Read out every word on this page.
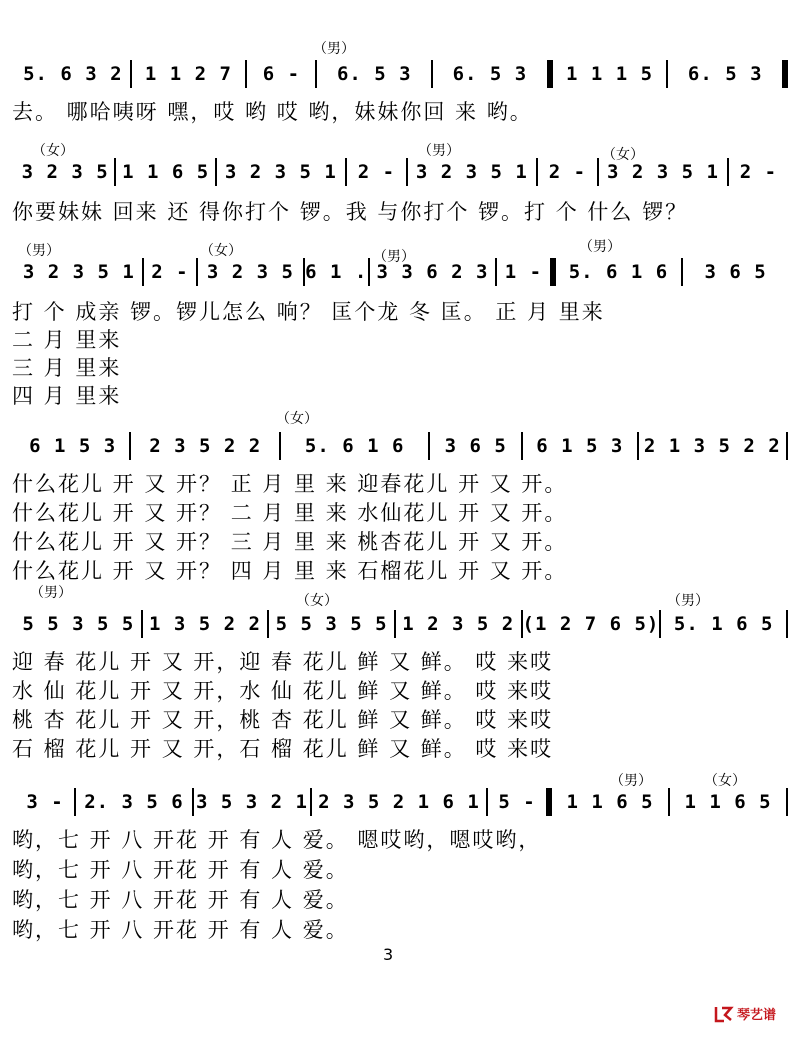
（男）
5. 6 3 2	1 1 2 7	6 -	6. 5 3	6. 5 3	1 1 1 5	6. 5 3
去。 哪哈咦呀 嘿，哎 哟 哎 哟，妹妹你回 来 哟。
（女）	（男）	（女）
3 2 3 5 1 1 6 5 3 2 3 5 1	2 -	3 2 3 5 1	2 -	3 2 3 5 1	2 -
你要妹妹 回来 还 得你打个 锣。我 与你打个 锣。打 个 什么 锣？
（男）	（女）	（男）
（男）
3 2 3 5 1 2 - 3 2 3 5 6 1 . 3 3 6 2 3 1 -	5. 6 1 6	3 6 5
打 个 成亲 锣。锣儿怎么 响？ 匡个龙 冬 匡。 正 月 里来
二 月 里来
三 月 里来
四 月 里来
（女）
6 1 5 3	2 3 5 2 2	5. 6 1 6	3 6 5	6 1 5 3	2 1 3 5 2 2
什么花儿 开 又 开？ 正 月 里 来 迎春花儿 开 又 开。
什么花儿 开 又 开？ 二 月 里 来 水仙花儿 开 又 开。
什么花儿 开 又 开？ 三 月 里 来 桃杏花儿 开 又 开。
什么花儿 开 又 开？ 四 月 里 来 石榴花儿 开 又 开。
（男）	（女）	（男）
5 5 3 5 5 1 3 5 2 2 5 5 3 5 5 1 2 3 5 2 (1 2 7 6 5) 5. 1 6 5
迎 春 花儿 开 又 开，迎 春 花儿 鲜 又 鲜。 哎 来哎
水 仙 花儿 开 又 开，水 仙 花儿 鲜 又 鲜。 哎 来哎
桃 杏 花儿 开 又 开，桃 杏 花儿 鲜 又 鲜。 哎 来哎
石 榴 花儿 开 又 开，石 榴 花儿 鲜 又 鲜。 哎 来哎
（男）	（女）
3 -	2. 3 5 6 3 5 3 2 1 2 3 5 2 1 6 1 5 -	1 1 6 5	1 1 6 5
哟，七 开 八 开花 开 有 人 爱。 嗯哎哟，嗯哎哟，
哟，七 开 八 开花 开 有 人 爱。
哟，七 开 八 开花 开 有 人 爱。
哟，七 开 八 开花 开 有 人 爱。
3
琴艺谱
